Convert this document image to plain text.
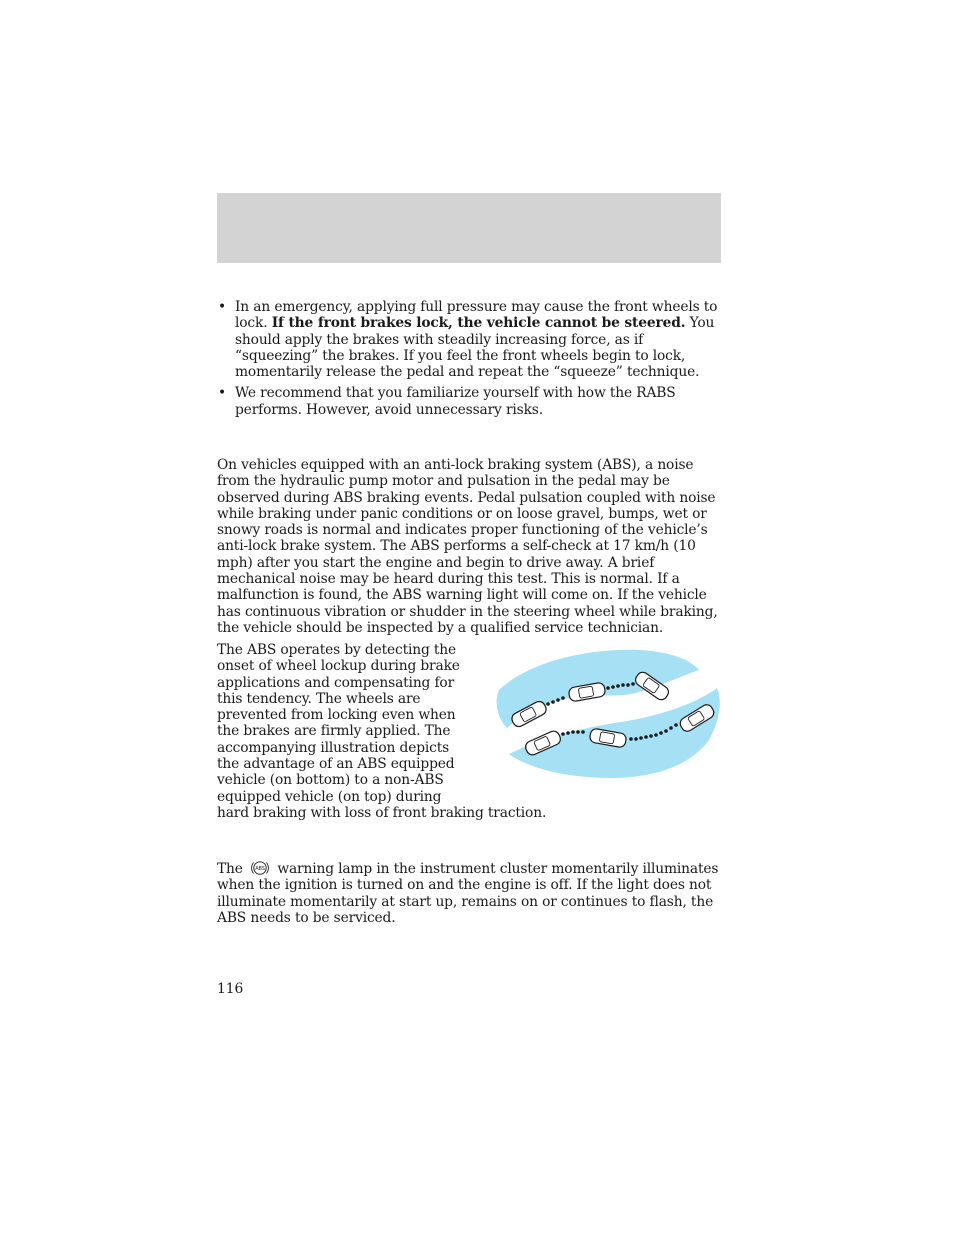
• In an emergency, applying full pressure may cause the front wheels to lock. If the front brakes lock, the vehicle cannot be steered. You should apply the brakes with steadily increasing force, as if “squeezing” the brakes. If you feel the front wheels begin to lock, momentarily release the pedal and repeat the “squeeze” technique.
• We recommend that you familiarize yourself with how the RABS performs. However, avoid unnecessary risks.
On vehicles equipped with an anti-lock braking system (ABS), a noise from the hydraulic pump motor and pulsation in the pedal may be observed during ABS braking events. Pedal pulsation coupled with noise while braking under panic conditions or on loose gravel, bumps, wet or snowy roads is normal and indicates proper functioning of the vehicle’s anti-lock brake system. The ABS performs a self-check at 17 km/h (10 mph) after you start the engine and begin to drive away. A brief mechanical noise may be heard during this test. This is normal. If a malfunction is found, the ABS warning light will come on. If the vehicle has continuous vibration or shudder in the steering wheel while braking, the vehicle should be inspected by a qualified service technician.
The ABS operates by detecting the onset of wheel lockup during brake applications and compensating for this tendency. The wheels are prevented from locking even when the brakes are firmly applied. The accompanying illustration depicts the advantage of an ABS equipped vehicle (on bottom) to a non-ABS equipped vehicle (on top) during hard braking with loss of front braking traction.
The	ABS warning lamp in the instrument cluster momentarily illuminates when the ignition is turned on and the engine is off. If the light does not illuminate momentarily at start up, remains on or continues to flash, the ABS needs to be serviced.
116
